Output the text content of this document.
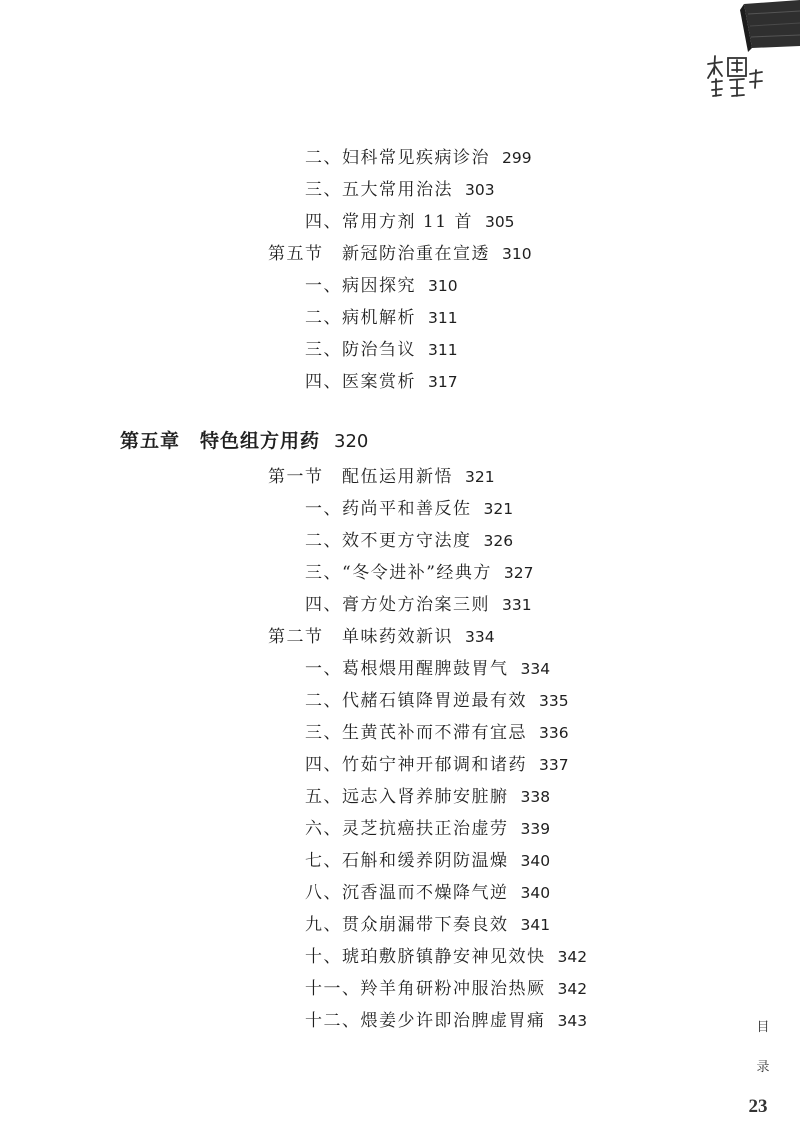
二、妇科常见疾病诊治 299
三、五大常用治法 303
四、常用方剂 11 首 305
第五节　新冠防治重在宣透 310
一、病因探究 310
二、病机解析 311
三、防治刍议 311
四、医案赏析 317
第五章　特色组方用药 320
第一节　配伍运用新悟 321
一、药尚平和善反佐 321
二、效不更方守法度 326
三、“冬令进补”经典方 327
四、膏方处方治案三则 331
第二节　单味药效新识 334
一、葛根煨用醒脾鼓胃气 334
二、代赭石镇降胃逆最有效 335
三、生黄芪补而不滞有宜忌 336
四、竹茹宁神开郁调和诸药 337
五、远志入肾养肺安脏腑 338
六、灵芝抗癌扶正治虚劳 339
七、石斛和缓养阴防温燥 340
八、沉香温而不燥降气逆 340
九、贯众崩漏带下奏良效 341
十、琥珀敷脐镇静安神见效快 342
十一、羚羊角研粉冲服治热厥 342
十二、煨姜少许即治脾虚胃痛 343	目
录
23
